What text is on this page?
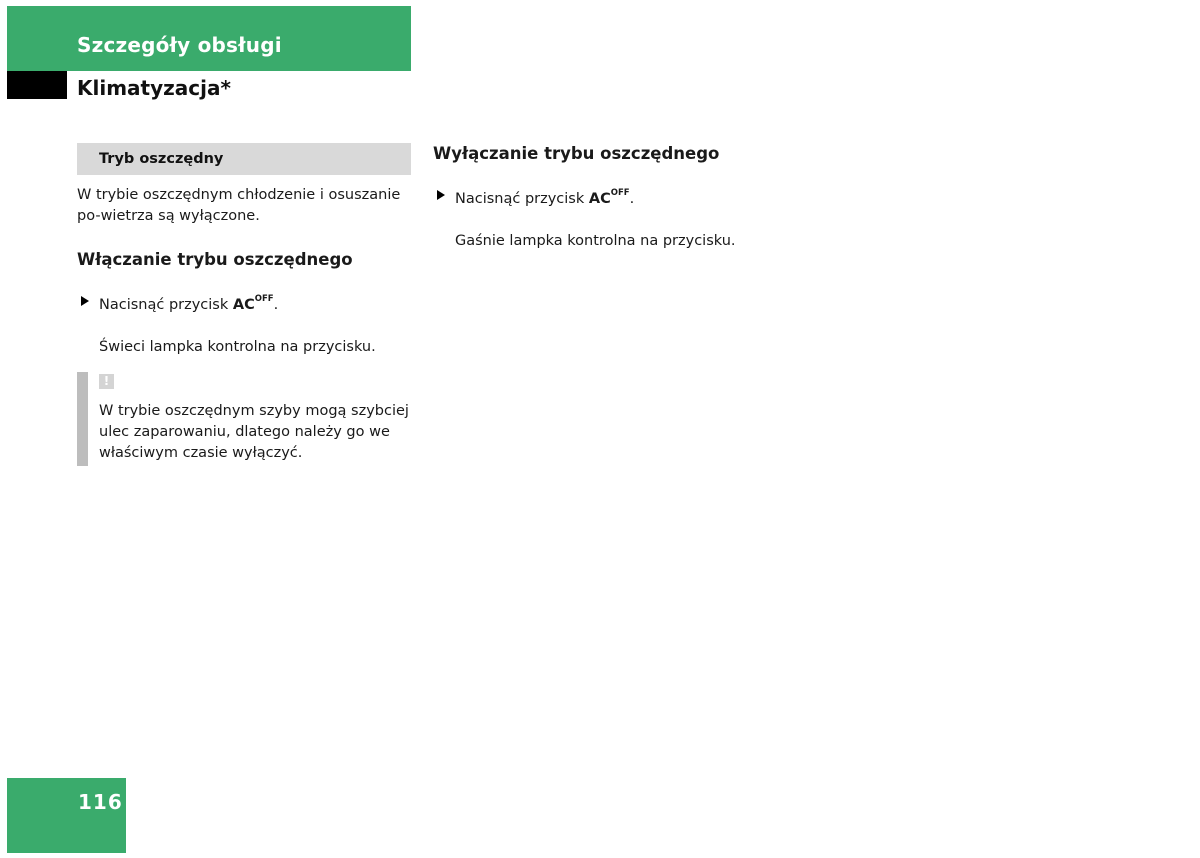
Szczegóły obsługi
Klimatyzacja*
Tryb oszczędny

W trybie oszczędnym chłodzenie i osuszanie po-wietrza są wyłączone.

Włączanie trybu oszczędnego

Nacisnąć przycisk $AC^{OFF}$.
Świeci lampka kontrolna na przycisku.
!
W trybie oszczędnym szyby mogą szybciej ulec zaparowaniu, dlatego należy go we właściwym czasie wyłączyć.

Wyłączanie trybu oszczędnego

Nacisnąć przycisk $AC^{OFF}$.
Gaśnie lampka kontrolna na przycisku.
116
